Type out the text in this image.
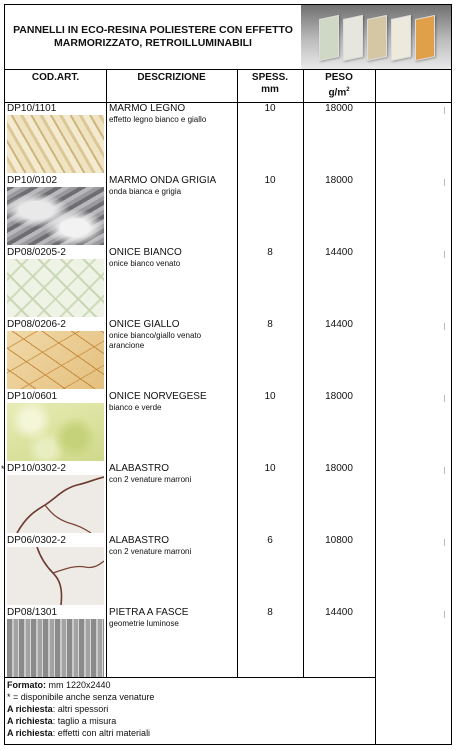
PANNELLI IN ECO-RESINA POLIESTERE CON EFFETTO MARMORIZZATO, RETROILLUMINABILI
COD.ART.	DESCRIZIONE	SPESS.
mm
PESO
$g/m^2$
DP10/1101	MARMO LEGNO
effetto legno bianco e giallo
10	18000
DP10/0102	MARMO ONDA GRIGIA
onda bianca e grigia
10	18000
DP08/0205-2	ONICE BIANCO
onice bianco venato
8	14400
DP08/0206-2	ONICE GIALLO
onice bianco/giallo venato arancione
8	14400
DP10/0601	ONICE NORVEGESE
bianco e verde
10	18000
DP10/0302-2	ALABASTRO
con 2 venature marroni
10	18000
DP06/0302-2	ALABASTRO
con 2 venature marroni
6	10800
DP08/1301	PIETRA A FASCE
geometrie luminose
8	14400
*
Formato: mm 1220x2440
* = disponibile anche senza venature
A richiesta: altri spessori
A richiesta: taglio a misura
A richiesta: effetti con altri materiali
